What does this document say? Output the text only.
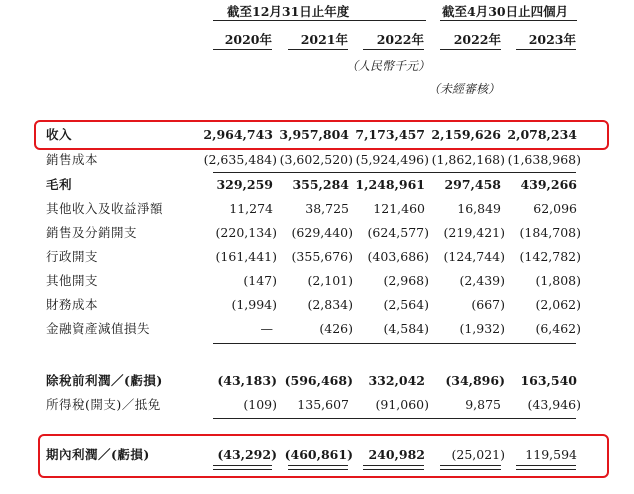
截至12月31日止年度	截至4月30日止四個月
2020年	2021年	2022年	2022年	2023年
（人民幣千元）
（未經審核）
收入	2,964,743 3,957,804 7,173,457 2,159,626 2,078,234
銷售成本	(2,635,484) (3,602,520) (5,924,496) (1,862,168) (1,638,968)
毛利	329,259	355,284 1,248,961	297,458	439,266
其他收入及收益淨額	11,274	38,725	121,460	16,849	62,096
銷售及分銷開支	(220,134)	(629,440)	(624,577)	(219,421)	(184,708)
行政開支	(161,441)	(355,676)	(403,686)	(124,744)	(142,782)
其他開支	(147)	(2,101)	(2,968)	(2,439)	(1,808)
財務成本	(1,994)	(2,834)	(2,564)	(667)	(2,062)
金融資產減值損失	—	(426)	(4,584)	(1,932)	(6,462)
除稅前利潤／(虧損)	(43,183) (596,468)	332,042	(34,896)	163,540
所得稅(開支)／抵免	(109)	135,607	(91,060)	9,875	(43,946)
期內利潤／(虧損)	(43,292) (460,861)	240,982	(25,021)	119,594
